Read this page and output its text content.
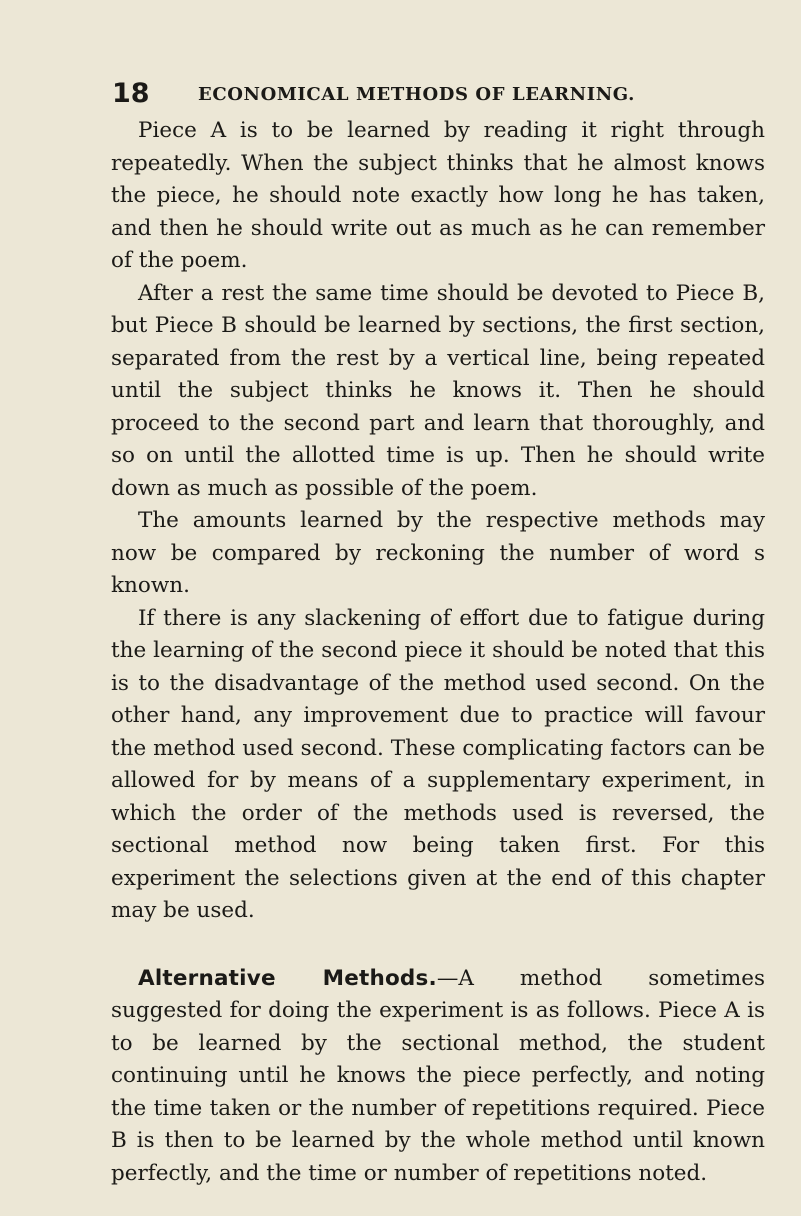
18	ECONOMICAL METHODS OF LEARNING.

Piece A is to be learned by reading it right through repeatedly. When the subject thinks that he almost knows the piece, he should note exactly how long he has taken, and then he should write out as much as he can remember of the poem.

After a rest the same time should be devoted to Piece B, but Piece B should be learned by sections, the first section, separated from the rest by a vertical line, being repeated until the subject thinks he knows it. Then he should proceed to the second part and learn that thoroughly, and so on until the allotted time is up. Then he should write down as much as possible of the poem.

The amounts learned by the respective methods may now be compared by reckoning the number of word s known.

If there is any slackening of effort due to fatigue during the learning of the second piece it should be noted that this is to the disadvantage of the method used second. On the other hand, any improvement due to practice will favour the method used second. These complicating factors can be allowed for by means of a supplementary experiment, in which the order of the methods used is reversed, the sectional method now being taken first. For this experiment the selections given at the end of this chapter may be used.

Alternative Methods.—A method sometimes suggested for doing the experiment is as follows. Piece A is to be learned by the sectional method, the student continuing until he knows the piece perfectly, and noting the time taken or the number of repetitions required. Piece B is then to be learned by the whole method until known perfectly, and the time or number of repetitions noted.
